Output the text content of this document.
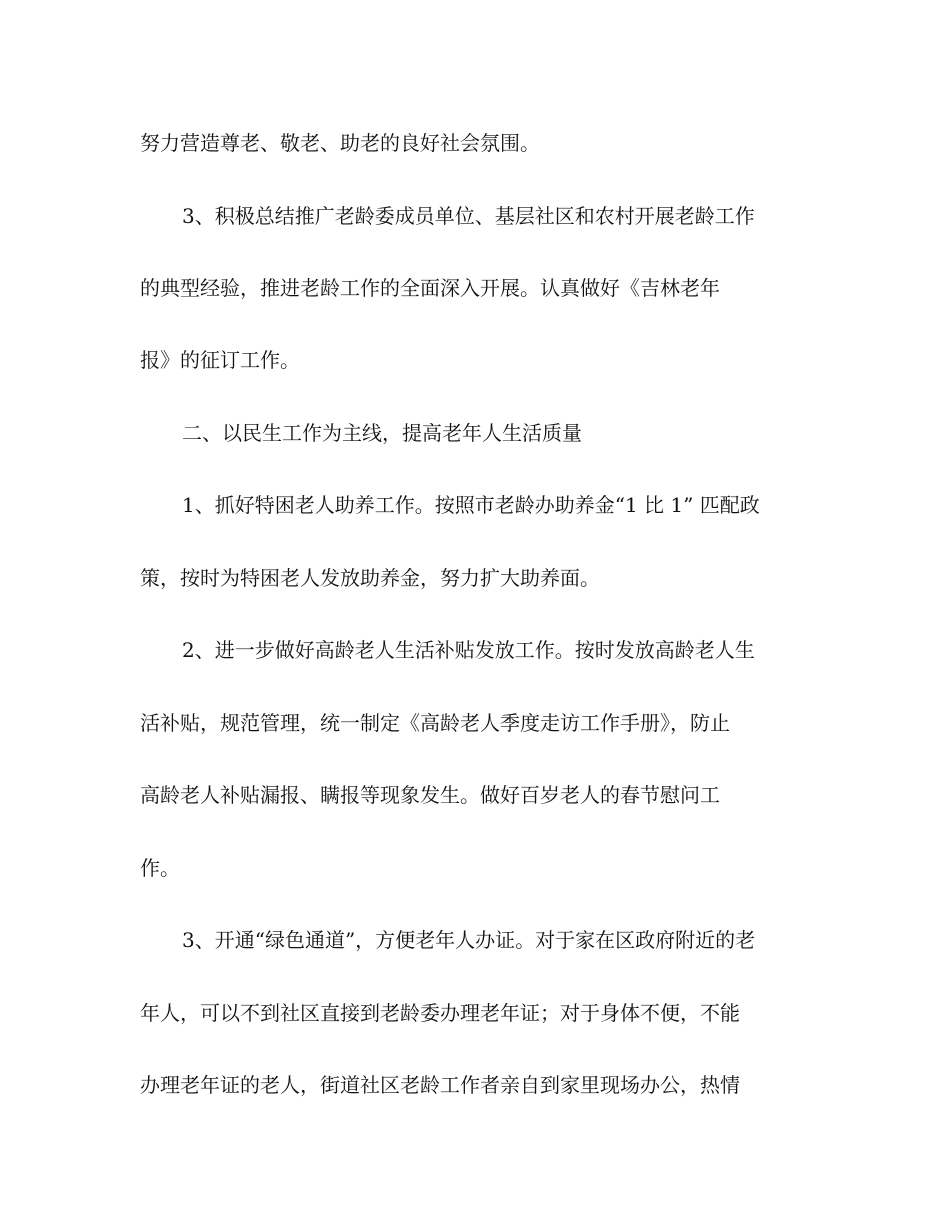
努力营造尊老、敬老、助老的良好社会氛围。
3、积极总结推广老龄委成员单位、基层社区和农村开展老龄工作
的典型经验，推进老龄工作的全面深入开展。认真做好《吉林老年
报》的征订工作。
二、以民生工作为主线，提高老年人生活质量
1、抓好特困老人助养工作。按照市老龄办助养金“1 比 1” 匹配政
策，按时为特困老人发放助养金，努力扩大助养面。
2、进一步做好高龄老人生活补贴发放工作。按时发放高龄老人生
活补贴，规范管理，统一制定《高龄老人季度走访工作手册》，防止
高龄老人补贴漏报、瞒报等现象发生。做好百岁老人的春节慰问工
作。
3、开通“绿色通道”，方便老年人办证。对于家在区政府附近的老
年人，可以不到社区直接到老龄委办理老年证；对于身体不便，不能
办理老年证的老人，街道社区老龄工作者亲自到家里现场办公，热情
